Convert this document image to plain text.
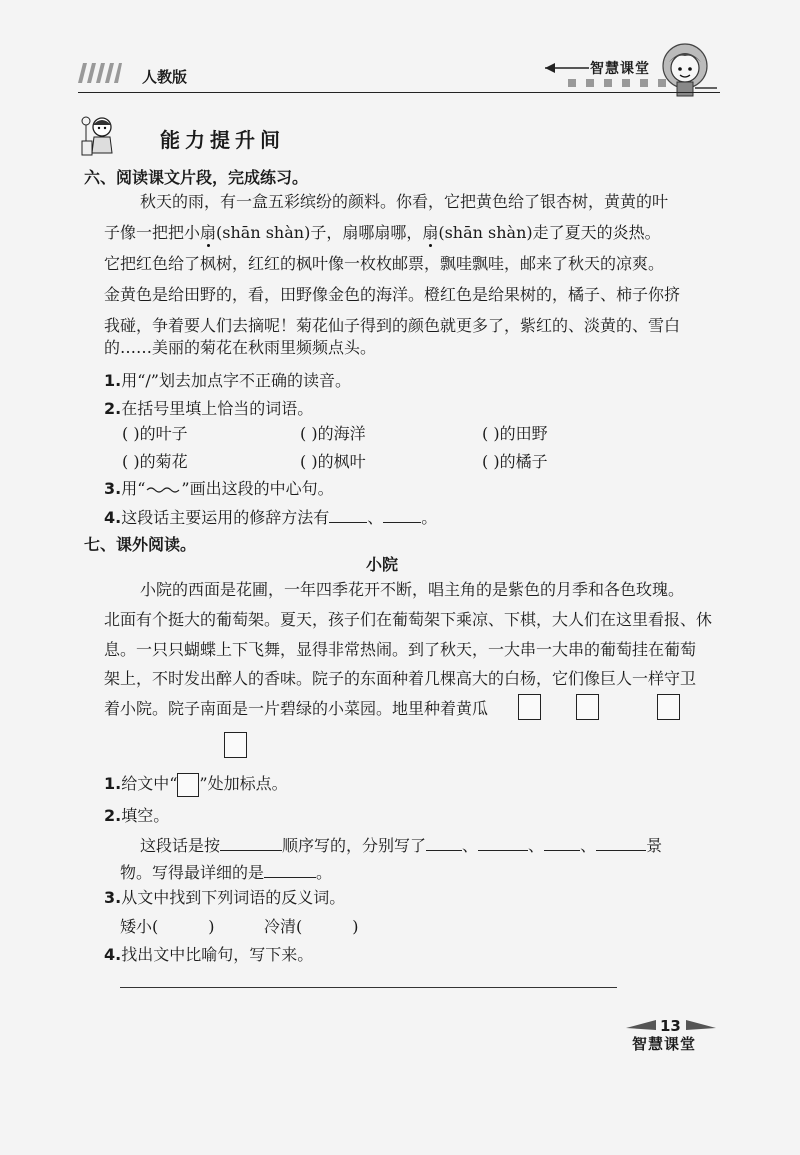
人教版	智慧课堂
能力提升间
六、阅读课文片段，完成练习。
秋天的雨，有一盒五彩缤纷的颜料。你看，它把黄色给了银杏树，黄黄的叶
子像一把把小扇(shān shàn)子，扇哪扇哪，扇(shān shàn)走了夏天的炎热。
它把红色给了枫树，红红的枫叶像一枚枚邮票，飘哇飘哇，邮来了秋天的凉爽。
金黄色是给田野的，看，田野像金色的海洋。橙红色是给果树的，橘子、柿子你挤
我碰，争着要人们去摘呢！菊花仙子得到的颜色就更多了，紫红的、淡黄的、雪白
的……美丽的菊花在秋雨里频频点头。
1.用“/”划去加点字不正确的读音。
2.在括号里填上恰当的词语。
( )的叶子	( )的海洋	( )的田野
( )的菊花	( )的枫叶	( )的橘子
3.用“ ”画出这段的中心句。
4.这段话主要运用的修辞方法有 、 。
七、课外阅读。
小院
小院的西面是花圃，一年四季花开不断，唱主角的是紫色的月季和各色玫瑰。
北面有个挺大的葡萄架。夏天，孩子们在葡萄架下乘凉、下棋，大人们在这里看报、休
息。一只只蝴蝶上下飞舞，显得非常热闹。到了秋天，一大串一大串的葡萄挂在葡萄
架上，不时发出醉人的香味。院子的东面种着几棵高大的白杨，它们像巨人一样守卫
着小院。院子南面是一片碧绿的小菜园。地里种着黄瓜
1.给文中“ ”处加标点。
2.填空。
这段话是按	顺序写的，分别写了 、	、 、	景
物。写得最详细的是	。
3.从文中找到下列词语的反义词。
矮小(	)	冷清(	)
4.找出文中比喻句，写下来。
13
智慧课堂
